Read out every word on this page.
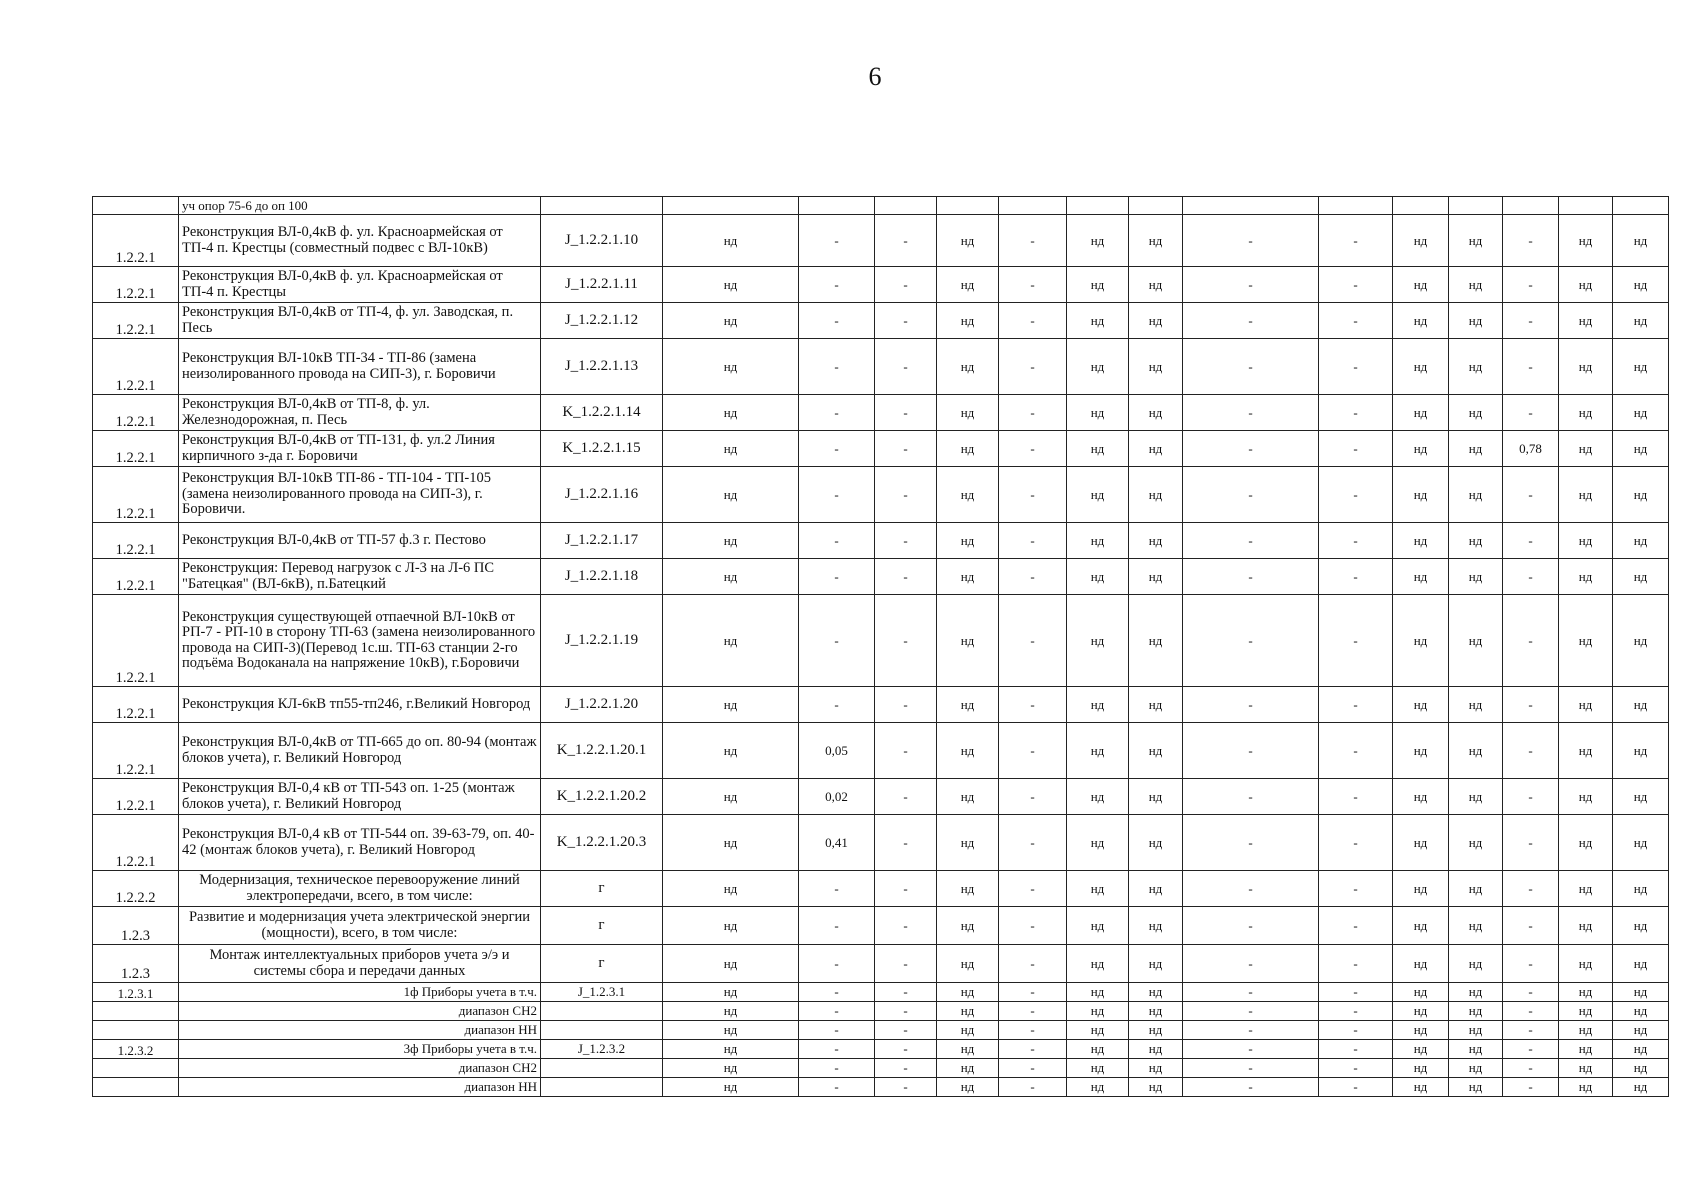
6
	уч опор 75-6 до оп 100																
1.2.2.1	Реконструкция ВЛ-0,4кВ ф. ул. Красноармейская от ТП-4 п. Крестцы (совместный подвес с ВЛ-10кВ)	J_1.2.2.1.10	нд	-	-	нд	-	нд	нд	-	-	нд	нд	-	нд	нд	
1.2.2.1	Реконструкция ВЛ-0,4кВ ф. ул. Красноармейская от ТП-4 п. Крестцы	J_1.2.2.1.11	нд	-	-	нд	-	нд	нд	-	-	нд	нд	-	нд	нд	
1.2.2.1	Реконструкция ВЛ-0,4кВ от ТП-4, ф. ул. Заводская, п. Песь	J_1.2.2.1.12	нд	-	-	нд	-	нд	нд	-	-	нд	нд	-	нд	нд	
1.2.2.1	Реконструкция ВЛ-10кВ ТП-34 - ТП-86 (замена неизолированного провода на СИП-3), г. Боровичи	J_1.2.2.1.13	нд	-	-	нд	-	нд	нд	-	-	нд	нд	-	нд	нд	
1.2.2.1	Реконструкция ВЛ-0,4кВ от ТП-8, ф. ул. Железнодорожная, п. Песь	K_1.2.2.1.14	нд	-	-	нд	-	нд	нд	-	-	нд	нд	-	нд	нд	
1.2.2.1	Реконструкция ВЛ-0,4кВ от ТП-131, ф. ул.2 Линия кирпичного з-да г. Боровичи	K_1.2.2.1.15	нд	-	-	нд	-	нд	нд	-	-	нд	нд	0,78	нд	нд	
1.2.2.1	Реконструкция ВЛ-10кВ ТП-86 - ТП-104 - ТП-105 (замена неизолированного провода на СИП-3), г. Боровичи.	J_1.2.2.1.16	нд	-	-	нд	-	нд	нд	-	-	нд	нд	-	нд	нд	
1.2.2.1	Реконструкция ВЛ-0,4кВ от ТП-57 ф.3 г. Пестово	J_1.2.2.1.17	нд	-	-	нд	-	нд	нд	-	-	нд	нд	-	нд	нд	
1.2.2.1	Реконструкция: Перевод нагрузок с Л-3 на Л-6 ПС "Батецкая" (ВЛ-6кВ), п.Батецкий	J_1.2.2.1.18	нд	-	-	нд	-	нд	нд	-	-	нд	нд	-	нд	нд	
1.2.2.1	Реконструкция существующей отпаечной ВЛ-10кВ от РП-7 - РП-10 в сторону ТП-63 (замена неизолированного провода на СИП-3)(Перевод 1с.ш. ТП-63 станции 2-го подъёма Водоканала на напряжение 10кВ), г.Боровичи	J_1.2.2.1.19	нд	-	-	нд	-	нд	нд	-	-	нд	нд	-	нд	нд	
1.2.2.1	Реконструкция КЛ-6кВ тп55-тп246, г.Великий Новгород	J_1.2.2.1.20	нд	-	-	нд	-	нд	нд	-	-	нд	нд	-	нд	нд	
1.2.2.1	Реконструкция ВЛ-0,4кВ от ТП-665 до оп. 80-94 (монтаж блоков учета), г. Великий Новгород	K_1.2.2.1.20.1	нд	0,05	-	нд	-	нд	нд	-	-	нд	нд	-	нд	нд	
1.2.2.1	Реконструкция ВЛ-0,4 кВ от ТП-543 оп. 1-25 (монтаж блоков учета), г. Великий Новгород	K_1.2.2.1.20.2	нд	0,02	-	нд	-	нд	нд	-	-	нд	нд	-	нд	нд	
1.2.2.1	Реконструкция ВЛ-0,4 кВ от ТП-544 оп. 39-63-79, оп. 40-42 (монтаж блоков учета), г. Великий Новгород	K_1.2.2.1.20.3	нд	0,41	-	нд	-	нд	нд	-	-	нд	нд	-	нд	нд	
1.2.2.2	Модернизация, техническое перевооружение линий электропередачи, всего, в том числе:	г	нд	-	-	нд	-	нд	нд	-	-	нд	нд	-	нд	нд	
1.2.3	Развитие и модернизация учета электрической энергии (мощности), всего, в том числе:	г	нд	-	-	нд	-	нд	нд	-	-	нд	нд	-	нд	нд	
1.2.3	Монтаж интеллектуальных приборов учета э/э и системы сбора и передачи данных	г	нд	-	-	нд	-	нд	нд	-	-	нд	нд	-	нд	нд	
1.2.3.1	1ф Приборы учета в т.ч.	J_1.2.3.1	нд	-	-	нд	-	нд	нд	-	-	нд	нд	-	нд	нд	
	диапазон СН2		нд	-	-	нд	-	нд	нд	-	-	нд	нд	-	нд	нд	
	диапазон НН		нд	-	-	нд	-	нд	нд	-	-	нд	нд	-	нд	нд	
1.2.3.2	3ф Приборы учета в т.ч.	J_1.2.3.2	нд	-	-	нд	-	нд	нд	-	-	нд	нд	-	нд	нд	
	диапазон СН2		нд	-	-	нд	-	нд	нд	-	-	нд	нд	-	нд	нд	
	диапазон НН		нд	-	-	нд	-	нд	нд	-	-	нд	нд	-	нд	нд	
